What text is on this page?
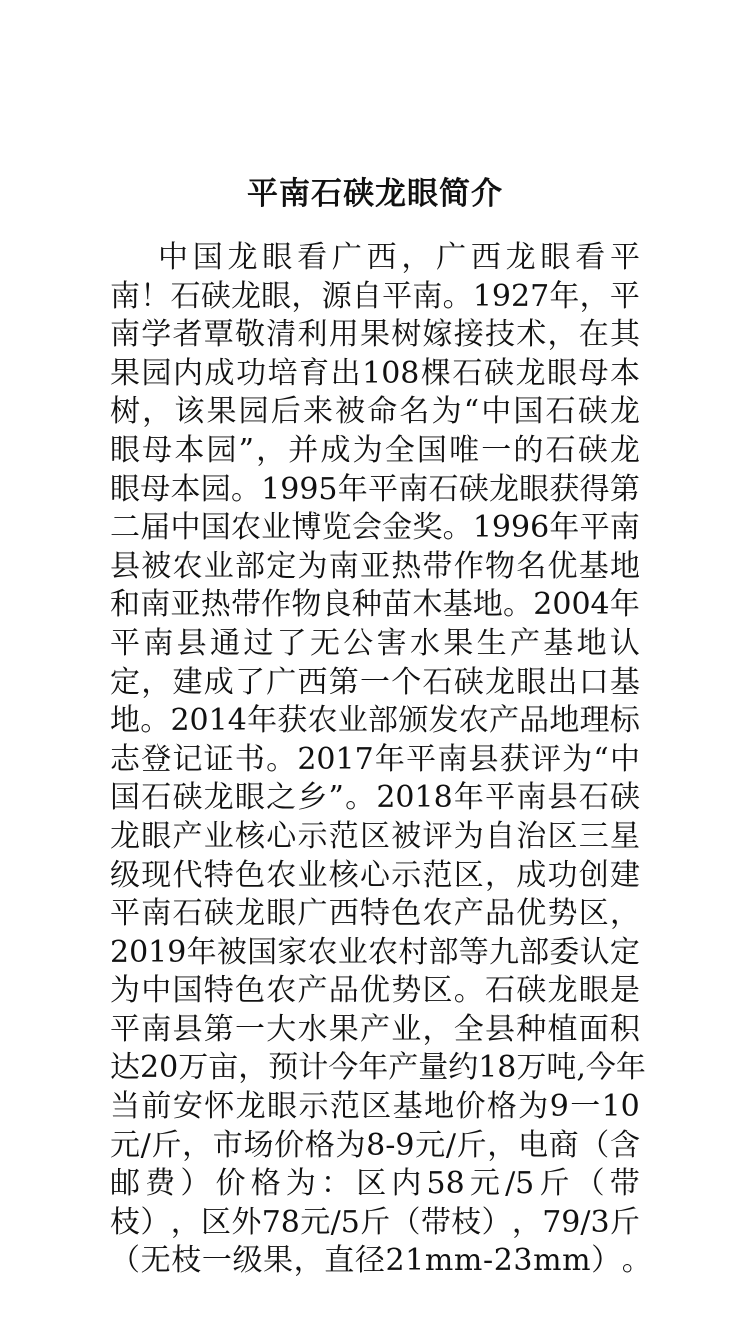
平南石硖龙眼简介
中 国 龙 眼 看 广 西 ， 广 西 龙 眼 看 平
南 ！ 石 硖 龙 眼 ， 源 自 平 南 。 1927 年 ， 平
南 学 者 覃 敬 清 利 用 果 树 嫁 接 技 术 ， 在 其
果 园 内 成 功 培 育 出 108 棵 石 硖 龙 眼 母 本
树 ， 该 果 园 后 来 被 命 名 为 “ 中 国 石 硖 龙
眼 母 本 园 ” ， 并 成 为 全 国 唯 一 的 石 硖 龙
眼 母 本 园 。 1995 年 平 南 石 硖 龙 眼 获 得 第
二 届 中 国 农 业 博 览 会 金 奖 。 1996 年 平 南
县 被 农 业 部 定 为 南 亚 热 带 作 物 名 优 基 地
和 南 亚 热 带 作 物 良 种 苗 木 基 地 。 2004 年
平 南 县 通 过 了 无 公 害 水 果 生 产 基 地 认
定 ， 建 成 了 广 西 第 一 个 石 硖 龙 眼 出 口 基
地 。 2014 年 获 农 业 部 颁 发 农 产 品 地 理 标
志 登 记 证 书 。 2017 年 平 南 县 获 评 为 “ 中
国 石 硖 龙 眼 之 乡 ” 。 2018 年 平 南 县 石 硖
龙 眼 产 业 核 心 示 范 区 被 评 为 自 治 区 三 星
级 现 代 特 色 农 业 核 心 示 范 区 ， 成 功 创 建
平 南 石 硖 龙 眼 广 西 特 色 农 产 品 优 势 区 ，
2019 年 被 国 家 农 业 农 村 部 等 九 部 委 认 定
为 中 国 特 色 农 产 品 优 势 区 。 石 硖 龙 眼 是
平 南 县 第 一 大 水 果 产 业 ， 全 县 种 植 面 积
达 20 万 亩 ， 预 计 今 年 产 量 约 18 万 吨 , 今 年
当 前 安 怀 龙 眼 示 范 区 基 地 价 格 为 9 一 10
元 / 斤 ， 市 场 价 格 为 8-9 元 / 斤 ， 电 商 （ 含
邮 费 ） 价 格 为 ： 区 内 58 元 /5 斤 （ 带
枝 ） ， 区 外 78 元 /5 斤 （ 带 枝 ） ， 79/3 斤
（ 无 枝 一 级 果 ， 直 径 21mm-23mm ） 。
